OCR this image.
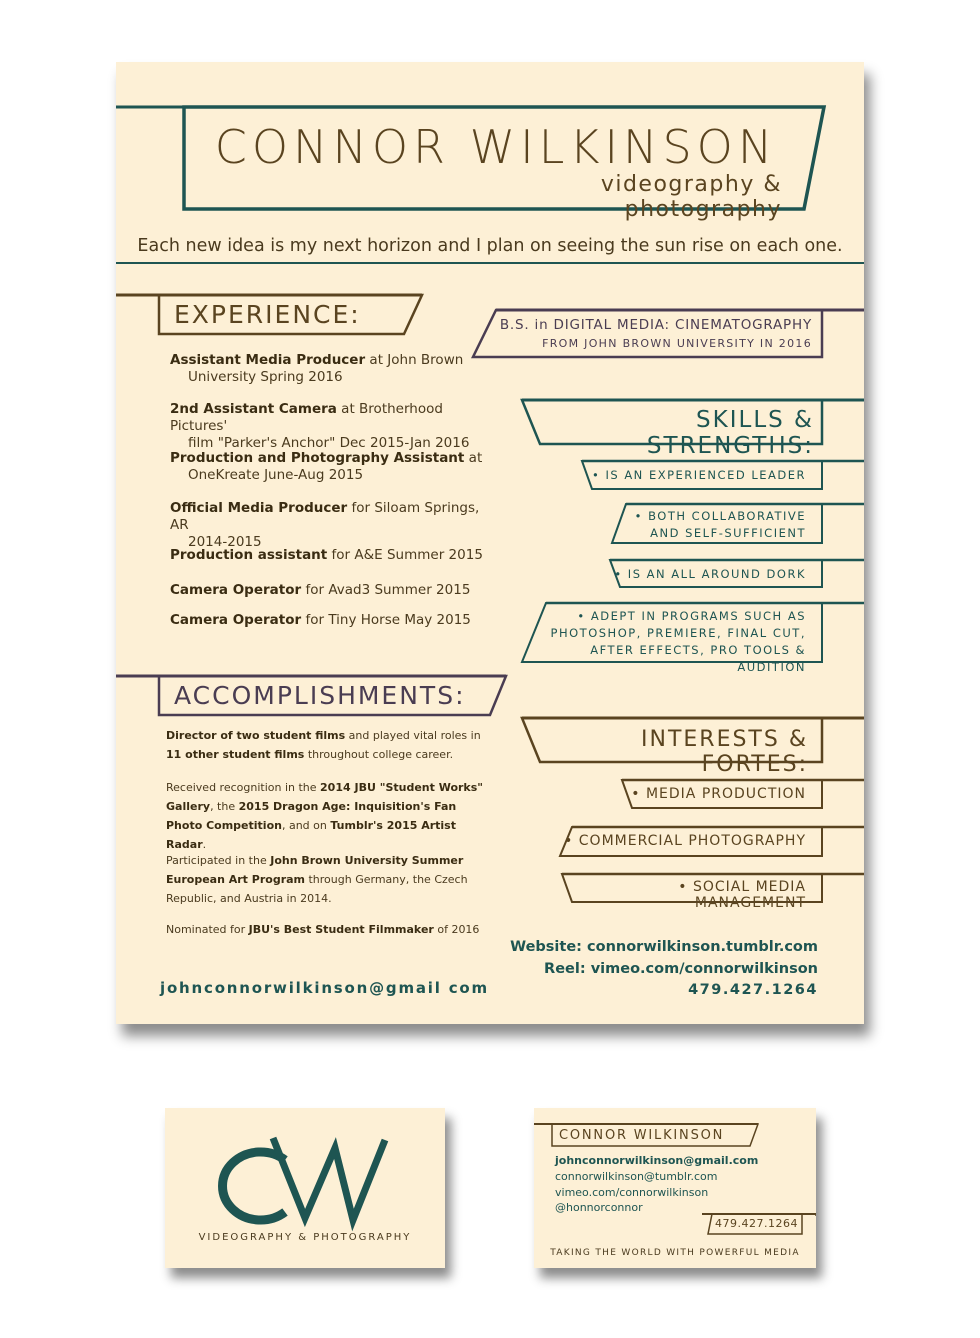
CONNOR WILKINSON
videography & photography
Each new idea is my next horizon and I plan on seeing the sun rise on each one.
EXPERIENCE:
Assistant Media Producer at John Brown
University Spring 2016
2nd Assistant Camera at Brotherhood Pictures'
film "Parker's Anchor" Dec 2015-Jan 2016
Production and Photography Assistant at
OneKreate June-Aug 2015
Official Media Producer for Siloam Springs, AR
2014-2015
Production assistant for A&E Summer 2015
Camera Operator for Avad3 Summer 2015
Camera Operator for Tiny Horse May 2015
ACCOMPLISHMENTS:
Director of two student films and played vital roles in 11 other student films throughout college career.
Received recognition in the 2014 JBU "Student Works" Gallery, the 2015 Dragon Age: Inquisition's Fan Photo Competition, and on Tumblr's 2015 Artist Radar.
Participated in the John Brown University Summer European Art Program through Germany, the Czech Republic, and Austria in 2014.
Nominated for JBU's Best Student Filmmaker of 2016
B.S. in DIGITAL MEDIA: CINEMATOGRAPHY
FROM JOHN BROWN UNIVERSITY IN 2016
SKILLS & STRENGTHS:
• IS AN EXPERIENCED LEADER
• BOTH COLLABORATIVE
AND SELF-SUFFICIENT
• IS AN ALL AROUND DORK
• ADEPT IN PROGRAMS SUCH AS
PHOTOSHOP, PREMIERE, FINAL CUT,
AFTER EFFECTS, PRO TOOLS & AUDITION
INTERESTS & FORTES:
• MEDIA PRODUCTION
• COMMERCIAL PHOTOGRAPHY
• SOCIAL MEDIA MANAGEMENT
johnconnorwilkinson@gmail com
Website: connorwilkinson.tumblr.com
Reel: vimeo.com/connorwilkinson
479.427.1264
VIDEOGRAPHY & PHOTOGRAPHY
CONNOR WILKINSON
johnconnorwilkinson@gmail.com
connorwilkinson@tumblr.com
vimeo.com/connorwilkinson
@honnorconnor
479.427.1264
TAKING THE WORLD WITH POWERFUL MEDIA
